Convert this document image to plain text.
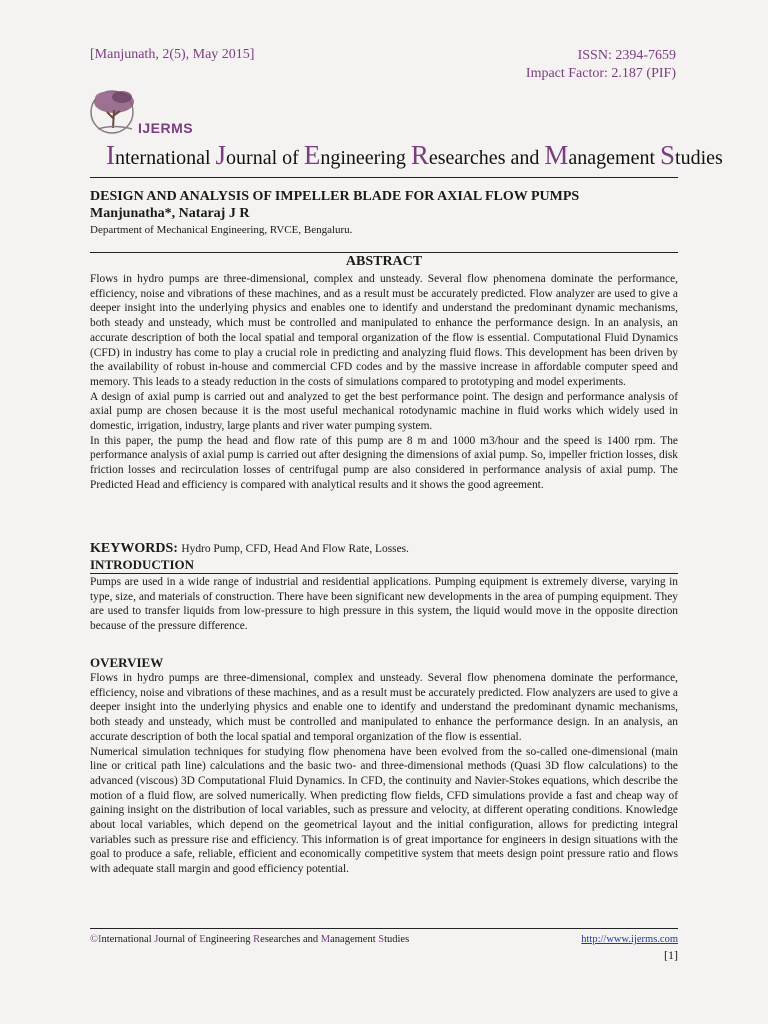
[Manjunath, 2(5), May 2015]	ISSN: 2394-7659
Impact Factor: 2.187 (PIF)
IJERMS
International Journal of Engineering Researches and Management Studies
DESIGN AND ANALYSIS OF IMPELLER BLADE FOR AXIAL FLOW PUMPS
Manjunatha*, Nataraj J R
Department of Mechanical Engineering, RVCE, Bengaluru.
ABSTRACT

Flows in hydro pumps are three-dimensional, complex and unsteady. Several flow phenomena dominate the performance, efficiency, noise and vibrations of these machines, and as a result must be accurately predicted. Flow analyzer are used to give a deeper insight into the underlying physics and enables one to identify and understand the predominant dynamic mechanisms, both steady and unsteady, which must be controlled and manipulated to enhance the performance design. In an analysis, an accurate description of both the local spatial and temporal organization of the flow is essential. Computational Fluid Dynamics (CFD) in industry has come to play a crucial role in predicting and analyzing fluid flows. This development has been driven by the availability of robust in-house and commercial CFD codes and by the massive increase in affordable computer speed and memory. This leads to a steady reduction in the costs of simulations compared to prototyping and model experiments.

A design of axial pump is carried out and analyzed to get the best performance point. The design and performance analysis of axial pump are chosen because it is the most useful mechanical rotodynamic machine in fluid works which widely used in domestic, irrigation, industry, large plants and river water pumping system.

In this paper, the pump the head and flow rate of this pump are 8 m and 1000 m3/hour and the speed is 1400 rpm. The performance analysis of axial pump is carried out after designing the dimensions of axial pump. So, impeller friction losses, disk friction losses and recirculation losses of centrifugal pump are also considered in performance analysis of axial pump. The Predicted Head and efficiency is compared with analytical results and it shows the good agreement.

KEYWORDS: Hydro Pump, CFD, Head And Flow Rate, Losses.
INTRODUCTION

Pumps are used in a wide range of industrial and residential applications. Pumping equipment is extremely diverse, varying in type, size, and materials of construction. There have been significant new developments in the area of pumping equipment. They are used to transfer liquids from low-pressure to high pressure in this system, the liquid would move in the opposite direction because of the pressure difference.

OVERVIEW

Flows in hydro pumps are three-dimensional, complex and unsteady. Several flow phenomena dominate the performance, efficiency, noise and vibrations of these machines, and as a result must be accurately predicted. Flow analyzers are used to give a deeper insight into the underlying physics and enable one to identify and understand the predominant dynamic mechanisms, both steady and unsteady, which must be controlled and manipulated to enhance the performance design. In an analysis, an accurate description of both the local spatial and temporal organization of the flow is essential.

Numerical simulation techniques for studying flow phenomena have been evolved from the so-called one-dimensional (main line or critical path line) calculations and the basic two- and three-dimensional methods (Quasi 3D flow calculations) to the advanced (viscous) 3D Computational Fluid Dynamics. In CFD, the continuity and Navier-Stokes equations, which describe the motion of a fluid flow, are solved numerically. When predicting flow fields, CFD simulations provide a fast and cheap way of gaining insight on the distribution of local variables, such as pressure and velocity, at different operating conditions. Knowledge about local variables, which depend on the geometrical layout and the initial configuration, allows for predicting integral variables such as pressure rise and efficiency. This information is of great importance for engineers in design situations with the goal to produce a safe, reliable, efficient and economically competitive system that meets design point pressure ratio and flows with adequate stall margin and good efficiency potential.

©International Journal of Engineering Researches and Management Studies	http://www.ijerms.com
[1]
